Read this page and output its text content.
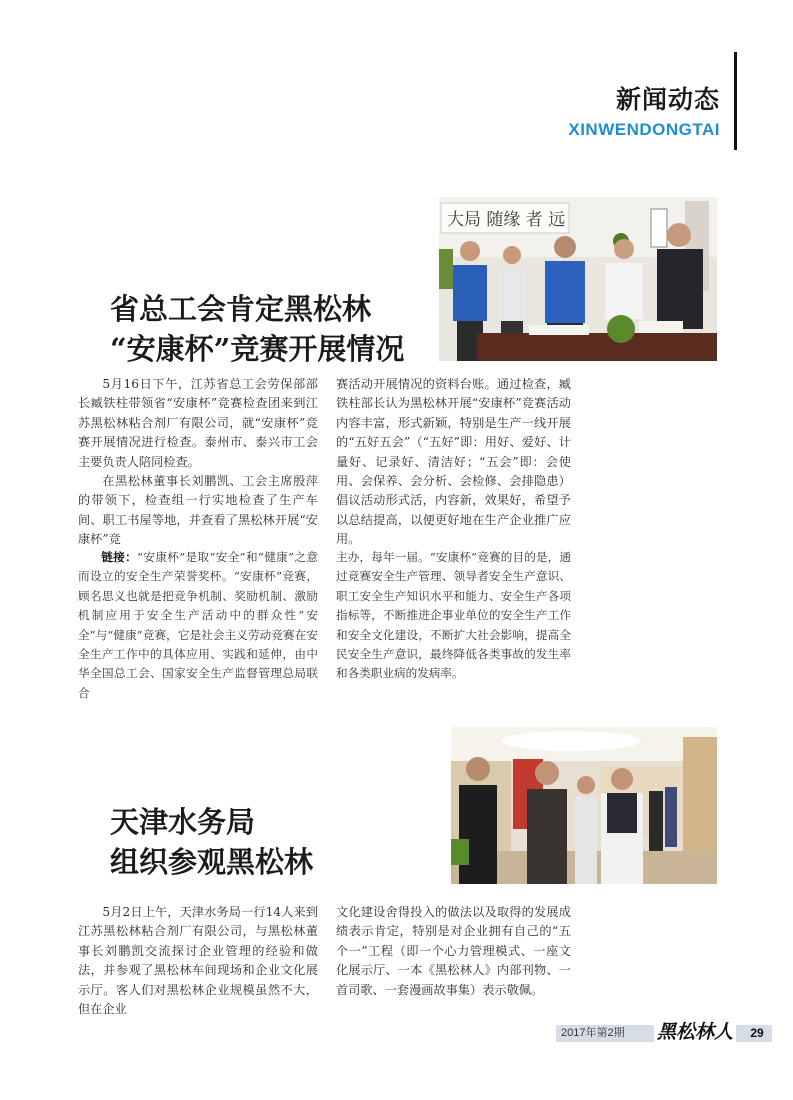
新闻动态
XINWENDONGTAI
大局 随缘 者 远
省总工会肯定黑松林
“安康杯”竞赛开展情况

5月16日下午，江苏省总工会劳保部部长臧铁柱带领省“安康杯”竞赛检查团来到江苏黑松林粘合剂厂有限公司，就“安康杯”竞赛开展情况进行检查。泰州市、泰兴市工会主要负责人陪同检查。

在黑松林董事长刘鹏凯、工会主席殷萍的带领下，检查组一行实地检查了生产车间、职工书屋等地，并查看了黑松林开展“安康杯”竞

赛活动开展情况的资料台账。通过检查，臧铁柱部长认为黑松林开展“安康杯”竞赛活动内容丰富，形式新颖，特别是生产一线开展的“五好五会”（“五好”即：用好、爱好、计量好、记录好、清洁好；“五会”即：会使用、会保养、会分析、会检修、会排隐患）倡议活动形式活，内容新，效果好，希望予以总结提高，以便更好地在生产企业推广应用。

链接：“安康杯”是取“安全”和“健康”之意而设立的安全生产荣誉奖杯。“安康杯”竞赛，顾名思义也就是把竞争机制、奖励机制、激励机制应用于安全生产活动中的群众性“安全”与“健康”竞赛，它是社会主义劳动竞赛在安全生产工作中的具体应用、实践和延伸，由中华全国总工会、国家安全生产监督管理总局联合

主办，每年一届。“安康杯”竞赛的目的是，通过竞赛安全生产管理、领导者安全生产意识、职工安全生产知识水平和能力、安全生产各项指标等，不断推进企事业单位的安全生产工作和安全文化建设，不断扩大社会影响，提高全民安全生产意识，最终降低各类事故的发生率和各类职业病的发病率。

天津水务局
组织参观黑松林

5月2日上午，天津水务局一行14人来到江苏黑松林粘合剂厂有限公司，与黑松林董事长刘鹏凯交流探讨企业管理的经验和做法，并参观了黑松林车间现场和企业文化展示厅。客人们对黑松林企业规模虽然不大，但在企业

文化建设舍得投入的做法以及取得的发展成绩表示肯定，特别是对企业拥有自己的“五个一”工程（即一个心力管理模式、一座文化展示厅、一本《黑松林人》内部刊物、一首司歌、一套漫画故事集）表示敬佩。

2017年第2期	黑松林人	29
